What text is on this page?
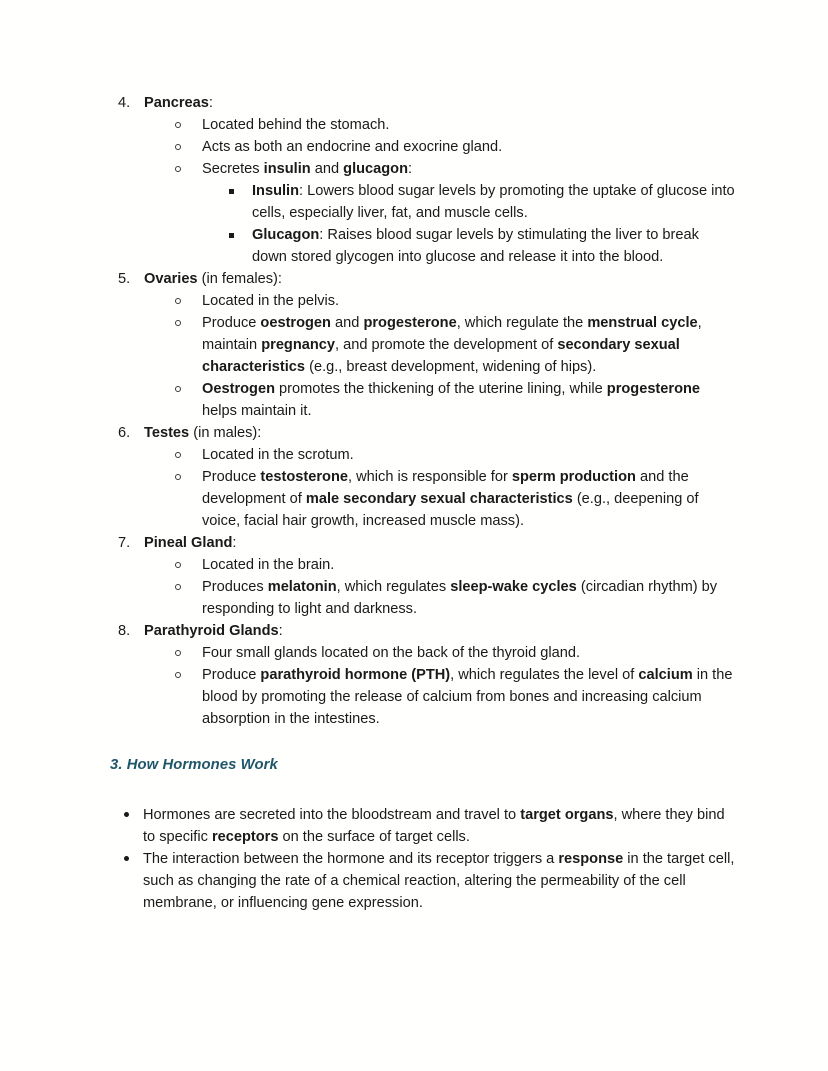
4. Pancreas:
Located behind the stomach.
Acts as both an endocrine and exocrine gland.
Secretes insulin and glucagon:
Insulin: Lowers blood sugar levels by promoting the uptake of glucose into cells, especially liver, fat, and muscle cells.
Glucagon: Raises blood sugar levels by stimulating the liver to break down stored glycogen into glucose and release it into the blood.
5. Ovaries (in females):
Located in the pelvis.
Produce oestrogen and progesterone, which regulate the menstrual cycle, maintain pregnancy, and promote the development of secondary sexual characteristics (e.g., breast development, widening of hips).
Oestrogen promotes the thickening of the uterine lining, while progesterone helps maintain it.
6. Testes (in males):
Located in the scrotum.
Produce testosterone, which is responsible for sperm production and the development of male secondary sexual characteristics (e.g., deepening of voice, facial hair growth, increased muscle mass).
7. Pineal Gland:
Located in the brain.
Produces melatonin, which regulates sleep-wake cycles (circadian rhythm) by responding to light and darkness.
8. Parathyroid Glands:
Four small glands located on the back of the thyroid gland.
Produce parathyroid hormone (PTH), which regulates the level of calcium in the blood by promoting the release of calcium from bones and increasing calcium absorption in the intestines.
3. How Hormones Work
Hormones are secreted into the bloodstream and travel to target organs, where they bind to specific receptors on the surface of target cells.
The interaction between the hormone and its receptor triggers a response in the target cell, such as changing the rate of a chemical reaction, altering the permeability of the cell membrane, or influencing gene expression.
